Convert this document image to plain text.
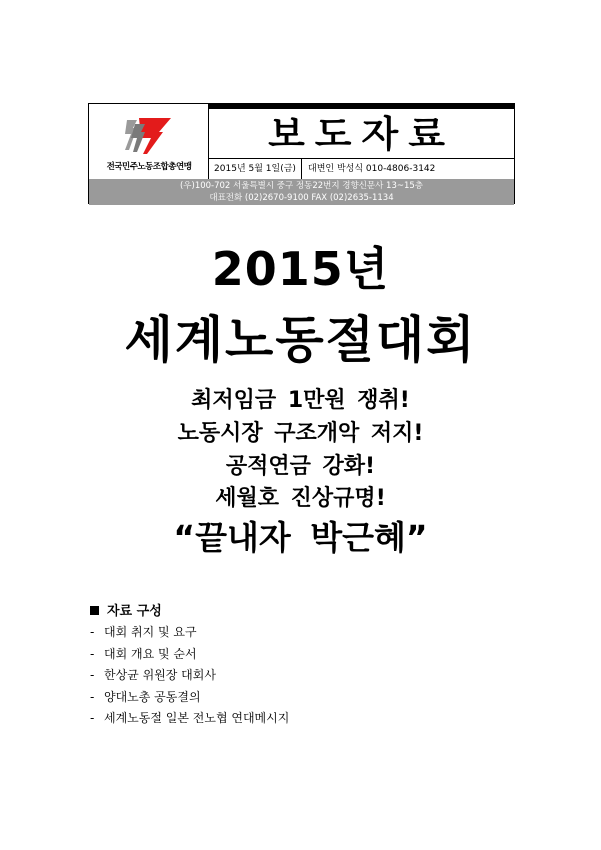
전국민주노동조합총연맹
보도자료
2015년 5월 1일(금)	대변인 박성식 010-4806-3142
(우)100-702 서울특별시 중구 정동22번지 경향신문사 13~15층
대표전화 (02)2670-9100 FAX (02)2635-1134
2015년
세계노동절대회
최저임금 1만원 쟁취!
노동시장 구조개악 저지!
공적연금 강화!
세월호 진상규명!
“끝내자 박근혜”
자료 구성
- 대회 취지 및 요구
- 대회 개요 및 순서
- 한상균 위원장 대회사
- 양대노총 공동결의
- 세계노동절 일본 전노협 연대메시지
